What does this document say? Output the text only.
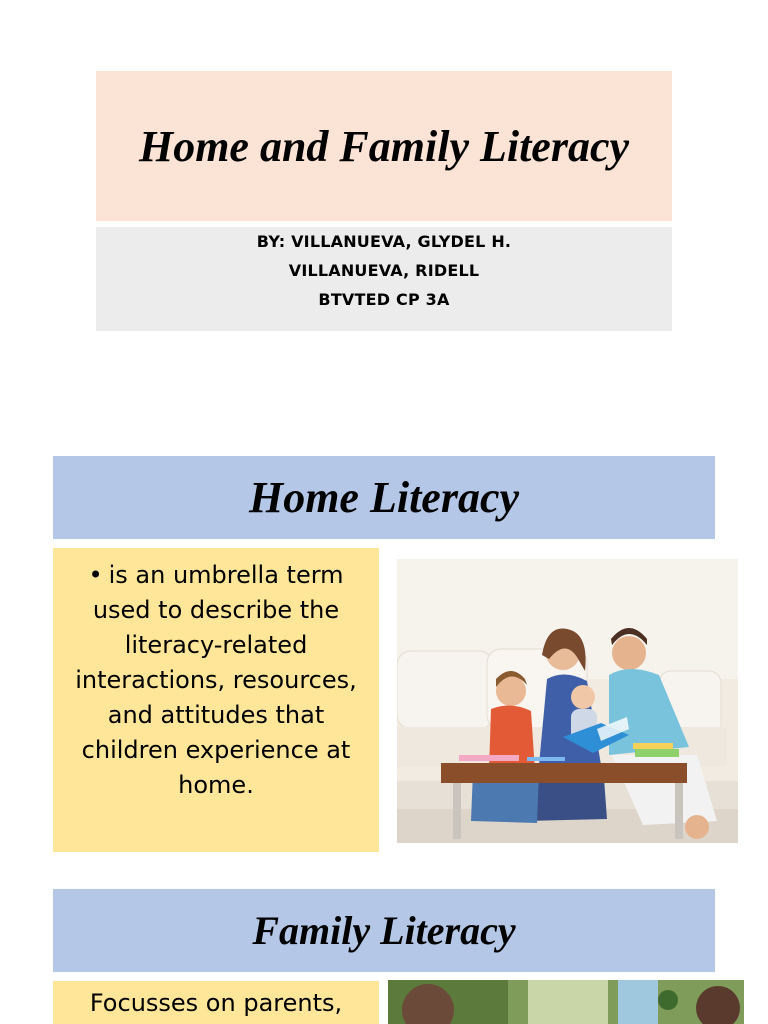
Home and Family Literacy
BY: VILLANUEVA, GLYDEL H.
VILLANUEVA, RIDELL
BTVTED CP 3A
Home Literacy
• is an umbrella term used to describe the literacy-related interactions, resources, and attitudes that children experience at home.
Family Literacy
Focusses on parents,
